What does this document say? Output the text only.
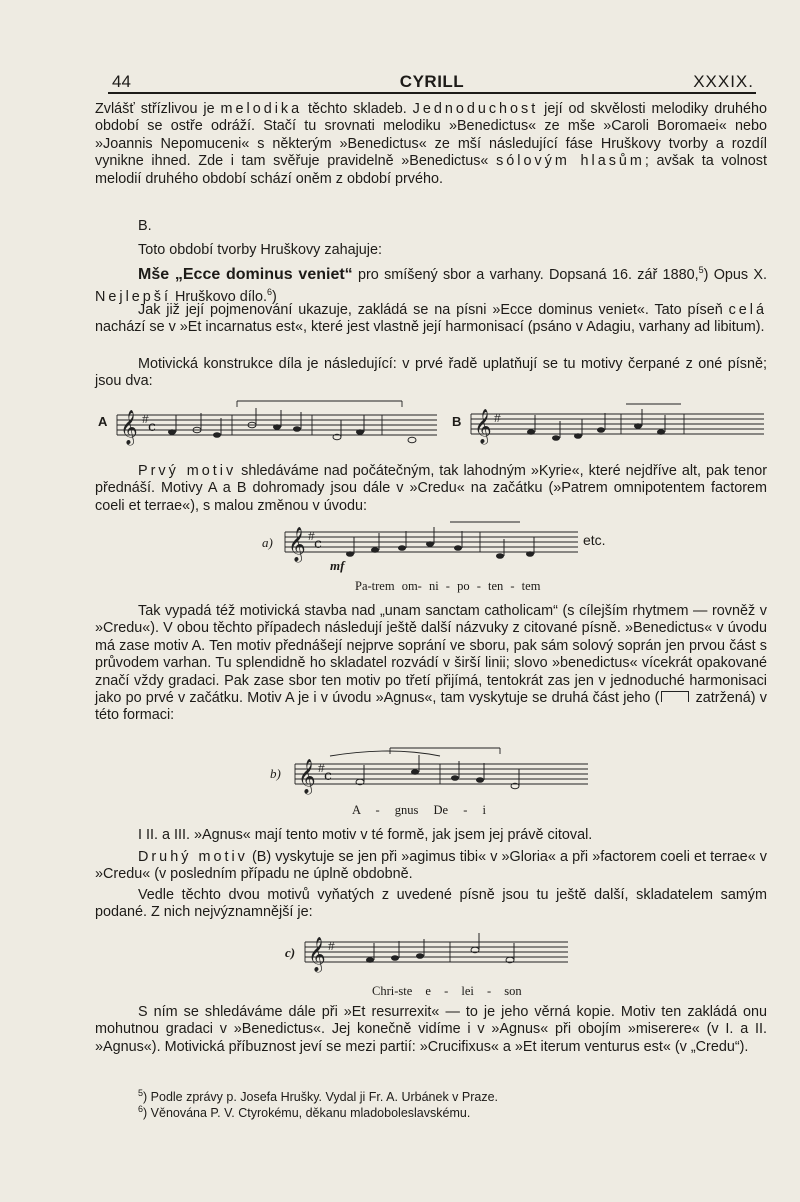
44	CYRILL	XXXIX.
Zvlášť střízlivou je melodika těchto skladeb. Jednoduchost její od skvělosti melodiky druhého období se ostře odráží. Stačí tu srovnati melodiku »Benedictus« ze mše »Caroli Boromaei« nebo »Joannis Nepomuceni« s některým »Benedictus« ze mší následující fáse Hruškovy tvorby a rozdíl vynikne ihned. Zde i tam svěřuje pravidelně »Benedictus« sólovým hlasům; avšak ta volnost melodií druhého období schází oněm z období prvého.
B.
Toto období tvorby Hruškovy zahajuje:
Mše „Ecce dominus veniet“ pro smíšený sbor a varhany. Dopsaná 16. zář 1880,$^5$) Opus X. Nejlepší Hruškovo dílo.$^6$)
Jak již její pojmenování ukazuje, zakládá se na písni »Ecce dominus veniet«. Tato píseň celá nachází se v »Et incarnatus est«, které jest vlastně její harmonisací (psáno v Adagiu, varhany ad libitum).
Motivická konstrukce díla je následující: v prvé řadě uplatňují se tu motivy čerpané z oné písně; jsou dva:
A 𝄞 # c	B 𝄞 #
Prvý motiv shledáváme nad počátečným, tak lahodným »Kyrie«, které nejdříve alt, pak tenor přednáší. Motivy A a B dohromady jsou dále v »Credu« na začátku (»Patrem omnipotentem factorem coeli et terrae«), s malou změnou v úvodu:
a) 𝄞 # c
mf
etc.
Pa-trem om- ni - po - ten - tem
Tak vypadá též motivická stavba nad „unam sanctam catholicam“ (s cílejším rhytmem — rovněž v »Credu«). V obou těchto případech následují ještě další názvuky z citované písně. »Benedictus« v úvodu má zase motiv A. Ten motiv přednášejí nejprve soprání ve sboru, pak sám solový soprán jen prvou část s průvodem varhan. Tu splendidně ho skladatel rozvádí v širší linii; slovo »benedictus« vícekrát opakované značí vždy gradaci. Pak zase sbor ten motiv po třetí přijímá, tentokrát zas jen v jednoduché harmonisaci jako po prvé v začátku. Motiv A je i v úvodu »Agnus«, tam vyskytuje se druhá část jeho ( zatržená) v této formaci:
b) 𝄞 # c
A - gnus De - i
I II. a III. »Agnus« mají tento motiv v té formě, jak jsem jej právě citoval.
Druhý motiv (B) vyskytuje se jen při »agimus tibi« v »Gloria« a při »factorem coeli et terrae« v »Credu« (v posledním případu ne úplně obdobně.
Vedle těchto dvou motivů vyňatých z uvedené písně jsou tu ještě další, skladatelem samým podané. Z nich nejvýznamnější je:
c) 𝄞 #
Chri-ste e - lei - son
S ním se shledáváme dále při »Et resurrexit« — to je jeho věrná kopie. Motiv ten zakládá onu mohutnou gradaci v »Benedictus«. Jej konečně vidíme i v »Agnus« při obojím »miserere« (v I. a II. »Agnus«). Motivická příbuznost jeví se mezi partií: »Crucifixus« a »Et iterum venturus est« (v „Credu“).
$^5$) Podle zprávy p. Josefa Hrušky. Vydal ji Fr. A. Urbánek v Praze.
$^6$) Věnována P. V. Ctyrokému, děkanu mladoboleslavskému.
